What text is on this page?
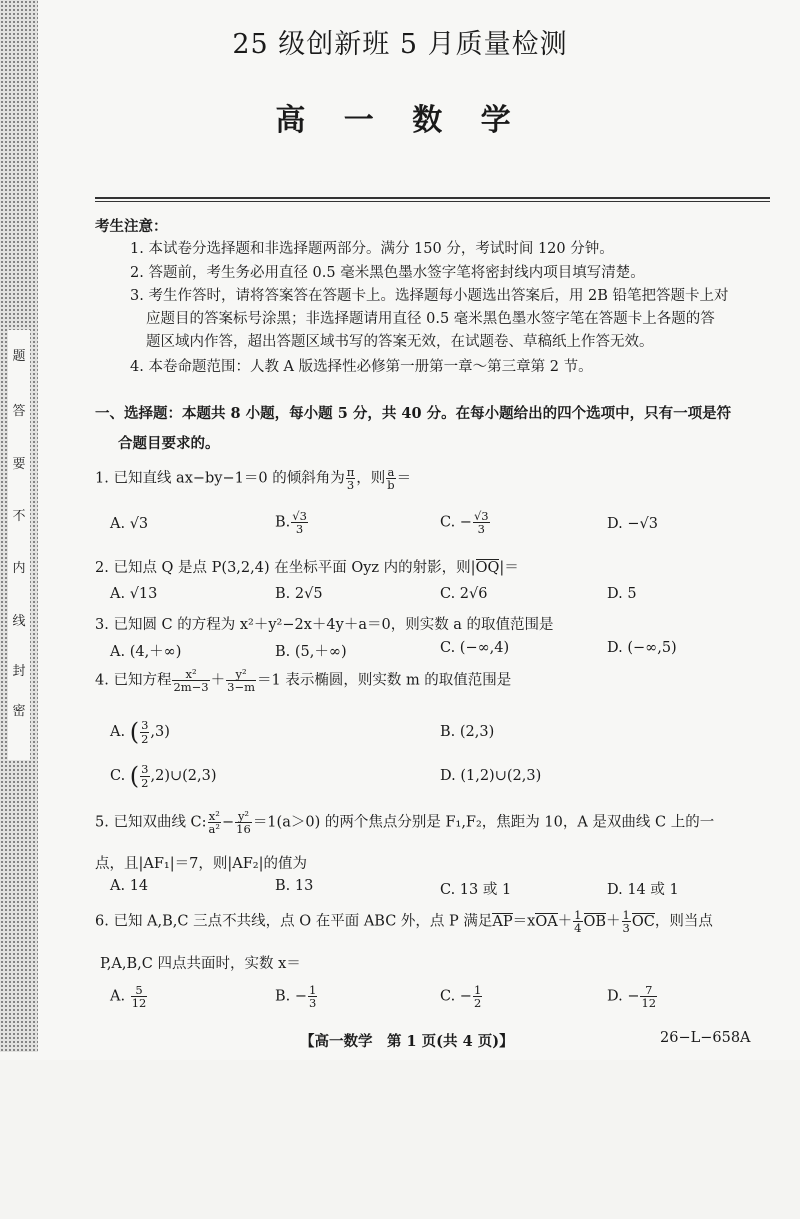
题
答
要
不
内
线
封
密
25 级创新班 5 月质量检测
高 一 数 学
考生注意：
1. 本试卷分选择题和非选择题两部分。满分 150 分，考试时间 120 分钟。
2. 答题前，考生务必用直径 0.5 毫米黑色墨水签字笔将密封线内项目填写清楚。
3. 考生作答时，请将答案答在答题卡上。选择题每小题选出答案后，用 2B 铅笔把答题卡上对
应题目的答案标号涂黑；非选择题请用直径 0.5 毫米黑色墨水签字笔在答题卡上各题的答
题区域内作答，超出答题区域书写的答案无效，在试题卷、草稿纸上作答无效。
4. 本卷命题范围：人教 A 版选择性必修第一册第一章～第三章第 2 节。
一、选择题：本题共 8 小题，每小题 5 分，共 40 分。在每小题给出的四个选项中，只有一项是符
合题目要求的。
1. 已知直线 ax−by−1＝0 的倾斜角为 $\frac{\pi}{3}$ ，则 $\frac{a}{b}$ ＝
A. √3	B. $\frac{√3}{3}$	C. − $\frac{√3}{3}$	D. −√3
2. 已知点 Q 是点 P(3,2,4) 在坐标平面 Oyz 内的射影，则|OQ|＝
A. √13	B. 2√5	C. 2√6	D. 5
3. 已知圆 C 的方程为 x²＋y²−2x＋4y＋a＝0，则实数 a 的取值范围是
A. (4,＋∞)	B. (5,＋∞)	C. (−∞,4)	D. (−∞,5)
4. 已知方程 $\frac{\text{x²}}{2m-3} + \frac{\text{y²}}{3-m} =1$ 表示椭圆，则实数 m 的取值范围是
A. ( $\frac{3}{2} ,3$)	B. (2,3)
C. ( $\frac{3}{2}$ ,2)∪(2,3)	D. (1,2)∪(2,3)
5. 已知双曲线 C: $\frac{\text{x²}}{\text{a²}} - \frac{\text{y²}}{16} =1(a>0)$ 的两个焦点分别是 F₁,F₂，焦距为 10，A 是双曲线 C 上的一
点，且|AF₁|＝7，则|AF₂|的值为
A. 14	B. 13	C. 13 或 1	D. 14 或 1
6. 已知 A,B,C 三点不共线，点 O 在平面 ABC 外，点 P 满足$AP=xOA+ \frac{1}{4} OB+ \frac{1}{3}$ OC，则当点
P,A,B,C 四点共面时，实数 x＝
A. $\frac{5}{12}$	B. − $\frac{1}{3}$	C. − $\frac{1}{2}$	D. − $\frac{7}{12}$
【高一数学　第 1 页(共 4 页)】	26−L−658A
